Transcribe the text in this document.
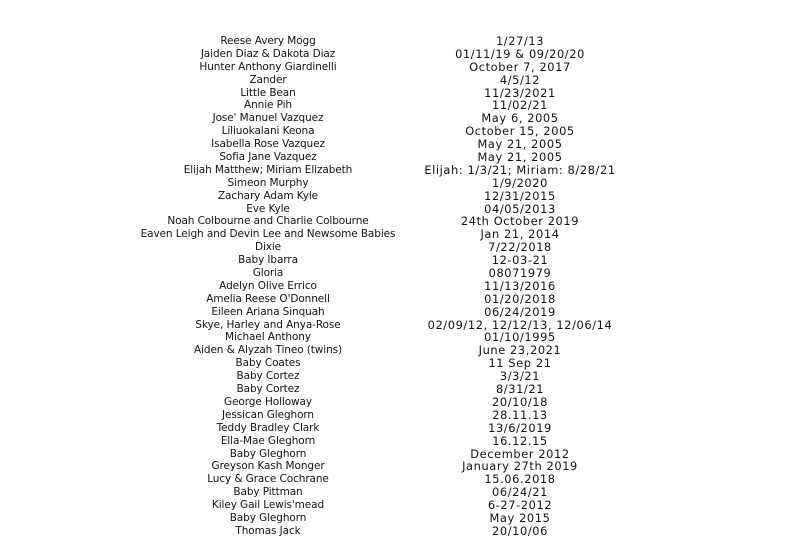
Reese Avery Mogg
Jaiden Diaz & Dakota Diaz
Hunter Anthony Giardinelli
Zander
Little Bean
Annie Pih
Jose' Manuel Vazquez
Liliuokalani Keona
Isabella Rose Vazquez
Sofia Jane Vazquez
Elijah Matthew; Miriam Elizabeth
Simeon Murphy
Zachary Adam Kyle
Eve Kyle
Noah Colbourne and Charlie Colbourne
Eaven Leigh and Devin Lee and Newsome Babies
Dixie
Baby Ibarra
Gloria
Adelyn Olive Errico
Amelia Reese O'Donnell
Eileen Ariana Sinquah
Skye, Harley and Anya-Rose
Michael Anthony
Aiden & Alyzah Tineo (twins)
Baby Coates
Baby Cortez
Baby Cortez
George Holloway
Jessican Gleghorn
Teddy Bradley Clark
Ella-Mae Gleghorn
Baby Gleghorn
Greyson Kash Monger
Lucy & Grace Cochrane
Baby Pittman
Kiley Gail Lewis'mead
Baby Gleghorn
Thomas Jack
1/27/13
01/11/19 & 09/20/20
October 7, 2017
4/5/12
11/23/2021
11/02/21
May 6, 2005
October 15, 2005
May 21, 2005
May 21, 2005
Elijah: 1/3/21; Miriam: 8/28/21
1/9/2020
12/31/2015
04/05/2013
24th October 2019
Jan 21, 2014
7/22/2018
12-03-21
08071979
11/13/2016
01/20/2018
06/24/2019
02/09/12, 12/12/13, 12/06/14
01/10/1995
June 23,2021
11 Sep 21
3/3/21
8/31/21
20/10/18
28.11.13
13/6/2019
16.12.15
December 2012
January 27th 2019
15.06.2018
06/24/21
6-27-2012
May 2015
20/10/06
